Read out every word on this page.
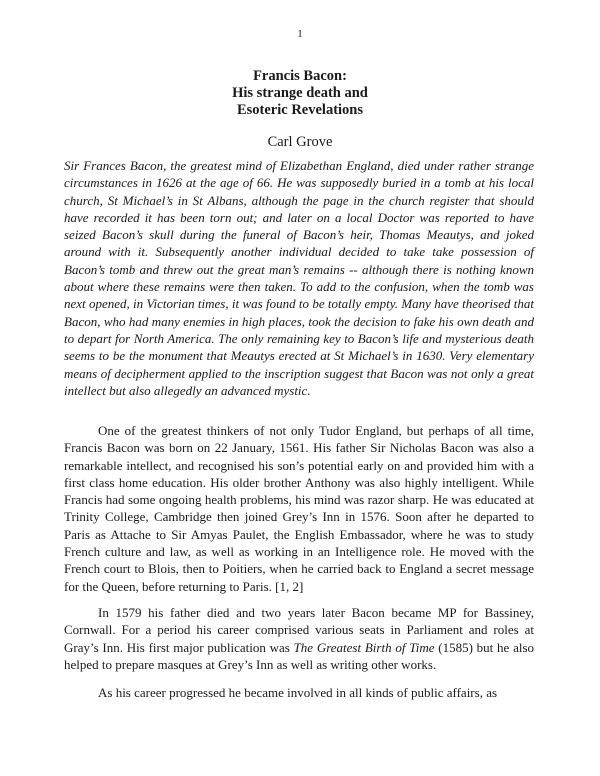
1
Francis Bacon:
His strange death and
Esoteric Revelations
Carl Grove

Sir Frances Bacon, the greatest mind of Elizabethan England, died under rather strange circumstances in 1626 at the age of 66. He was supposedly buried in a tomb at his local church, St Michael’s in St Albans, although the page in the church register that should have recorded it has been torn out; and later on a local Doctor was reported to have seized Bacon’s skull during the funeral of Bacon’s heir, Thomas Meautys, and joked around with it. Subsequently another individual decided to take take possession of Bacon’s tomb and threw out the great man’s remains -- although there is nothing known about where these remains were then taken. To add to the confusion, when the tomb was next opened, in Victorian times, it was found to be totally empty. Many have theorised that Bacon, who had many enemies in high places, took the decision to fake his own death and to depart for North America. The only remaining key to Bacon’s life and mysterious death seems to be the monument that Meautys erected at St Michael’s in 1630. Very elementary means of decipherment applied to the inscription suggest that Bacon was not only a great intellect but also allegedly an advanced mystic.

One of the greatest thinkers of not only Tudor England, but perhaps of all time, Francis Bacon was born on 22 January, 1561. His father Sir Nicholas Bacon was also a remarkable intellect, and recognised his son’s potential early on and provided him with a first class home education. His older brother Anthony was also highly intelligent. While Francis had some ongoing health problems, his mind was razor sharp. He was educated at Trinity College, Cambridge then joined Grey’s Inn in 1576. Soon after he departed to Paris as Attache to Sir Amyas Paulet, the English Embassador, where he was to study French culture and law, as well as working in an Intelligence role. He moved with the French court to Blois, then to Poitiers, when he carried back to England a secret message for the Queen, before returning to Paris. [1, 2]

In 1579 his father died and two years later Bacon became MP for Bassiney, Cornwall. For a period his career comprised various seats in Parliament and roles at Gray’s Inn. His first major publication was The Greatest Birth of Time (1585) but he also helped to prepare masques at Grey’s Inn as well as writing other works.

As his career progressed he became involved in all kinds of public affairs, as
